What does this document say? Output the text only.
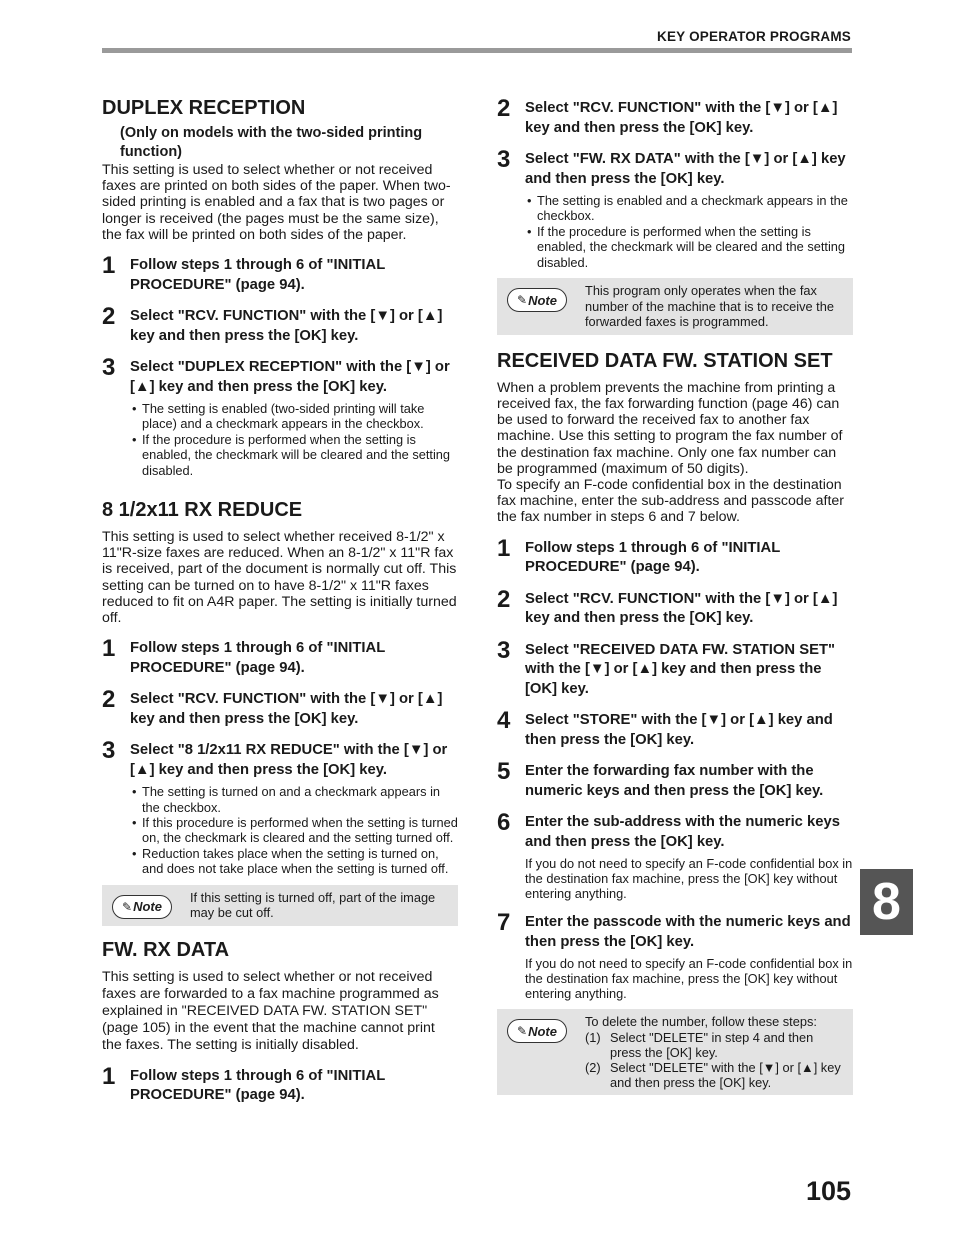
KEY OPERATOR PROGRAMS
DUPLEX RECEPTION
(Only on models with the two-sided printing function)

This setting is used to select whether or not received faxes are printed on both sides of the paper. When two-sided printing is enabled and a fax that is two pages or longer is received (the pages must be the same size), the fax will be printed on both sides of the paper.

1 Follow steps 1 through 6 of "INITIAL PROCEDURE" (page 94).
2 Select "RCV. FUNCTION" with the [▼] or [▲] key and then press the [OK] key.
3 Select "DUPLEX RECEPTION" with the [▼] or [▲] key and then press the [OK] key.
• The setting is enabled (two-sided printing will take place) and a checkmark appears in the checkbox.
• If the procedure is performed when the setting is enabled, the checkmark will be cleared and the setting disabled.
8 1/2x11 RX REDUCE

This setting is used to select whether received 8-1/2" x 11"R-size faxes are reduced. When an 8-1/2" x 11"R fax is received, part of the document is normally cut off. This setting can be turned on to have 8-1/2" x 11"R faxes reduced to fit on A4R paper. The setting is initially turned off.

1 Follow steps 1 through 6 of "INITIAL PROCEDURE" (page 94).
2 Select "RCV. FUNCTION" with the [▼] or [▲] key and then press the [OK] key.
3 Select "8 1/2x11 RX REDUCE" with the [▼] or [▲] key and then press the [OK] key.
• The setting is turned on and a checkmark appears in the checkbox.
• If this procedure is performed when the setting is turned on, the checkmark is cleared and the setting turned off.
• Reduction takes place when the setting is turned on, and does not take place when the setting is turned off.
✎ Note
If this setting is turned off, part of the image may be cut off.
FW. RX DATA

This setting is used to select whether or not received faxes are forwarded to a fax machine programmed as explained in "RECEIVED DATA FW. STATION SET" (page 105) in the event that the machine cannot print the faxes. The setting is initially disabled.

1 Follow steps 1 through 6 of "INITIAL PROCEDURE" (page 94).
2 Select "RCV. FUNCTION" with the [▼] or [▲] key and then press the [OK] key.
3 Select "FW. RX DATA" with the [▼] or [▲] key and then press the [OK] key.
• The setting is enabled and a checkmark appears in the checkbox.
• If the procedure is performed when the setting is enabled, the checkmark will be cleared and the setting disabled.
✎ Note
This program only operates when the fax number of the machine that is to receive the forwarded faxes is programmed.
RECEIVED DATA FW. STATION SET

When a problem prevents the machine from printing a received fax, the fax forwarding function (page 46) can be used to forward the received fax to another fax machine. Use this setting to program the fax number of the destination fax machine. Only one fax number can be programmed (maximum of 50 digits).

To specify an F-code confidential box in the destination fax machine, enter the sub-address and passcode after the fax number in steps 6 and 7 below.

1 Follow steps 1 through 6 of "INITIAL PROCEDURE" (page 94).
2 Select "RCV. FUNCTION" with the [▼] or [▲] key and then press the [OK] key.
3 Select "RECEIVED DATA FW. STATION SET" with the [▼] or [▲] key and then press the [OK] key.
4 Select "STORE" with the [▼] or [▲] key and then press the [OK] key.
5 Enter the forwarding fax number with the numeric keys and then press the [OK] key.
6 Enter the sub-address with the numeric keys and then press the [OK] key.
If you do not need to specify an F-code confidential box in the destination fax machine, press the [OK] key without entering anything.
7 Enter the passcode with the numeric keys and then press the [OK] key.
If you do not need to specify an F-code confidential box in the destination fax machine, press the [OK] key without entering anything.
✎ Note
To delete the number, follow these steps:
(1) Select "DELETE" in step 4 and then press the [OK] key.
(2) Select "DELETE" with the [▼] or [▲] key and then press the [OK] key.
8
105
